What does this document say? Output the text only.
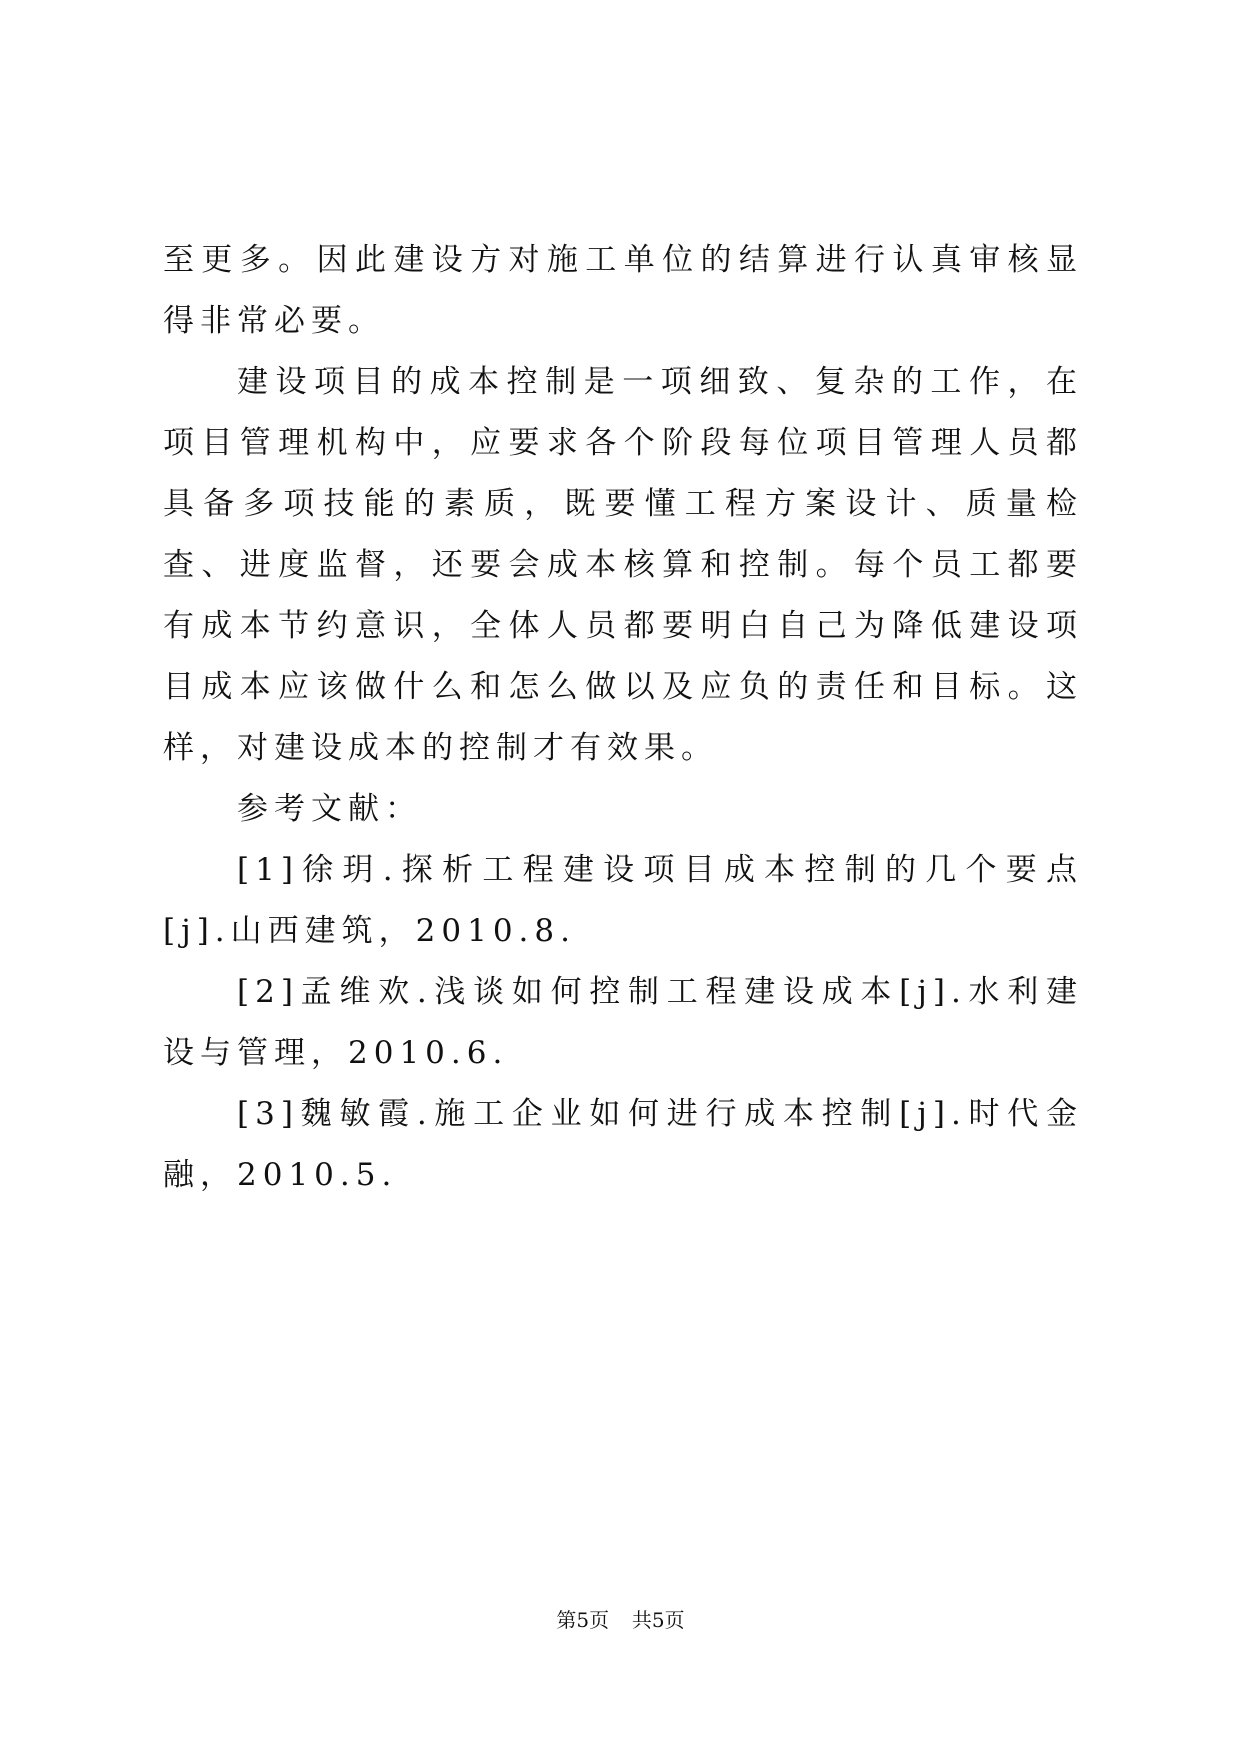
至更多。因此建设方对施工单位的结算进行认真审核显得非常必要。

建设项目的成本控制是一项细致、复杂的工作，在项目管理机构中，应要求各个阶段每位项目管理人员都具备多项技能的素质，既要懂工程方案设计、质量检查、进度监督，还要会成本核算和控制。每个员工都要有成本节约意识，全体人员都要明白自己为降低建设项目成本应该做什么和怎么做以及应负的责任和目标。这样，对建设成本的控制才有效果。

参考文献：

[1]徐玥.探析工程建设项目成本控制的几个要点[j].山西建筑，2010.8.

[2]孟维欢.浅谈如何控制工程建设成本[j].水利建设与管理，2010.6.

[3]魏敏霞.施工企业如何进行成本控制[j].时代金融，2010.5.

第5页 共5页
